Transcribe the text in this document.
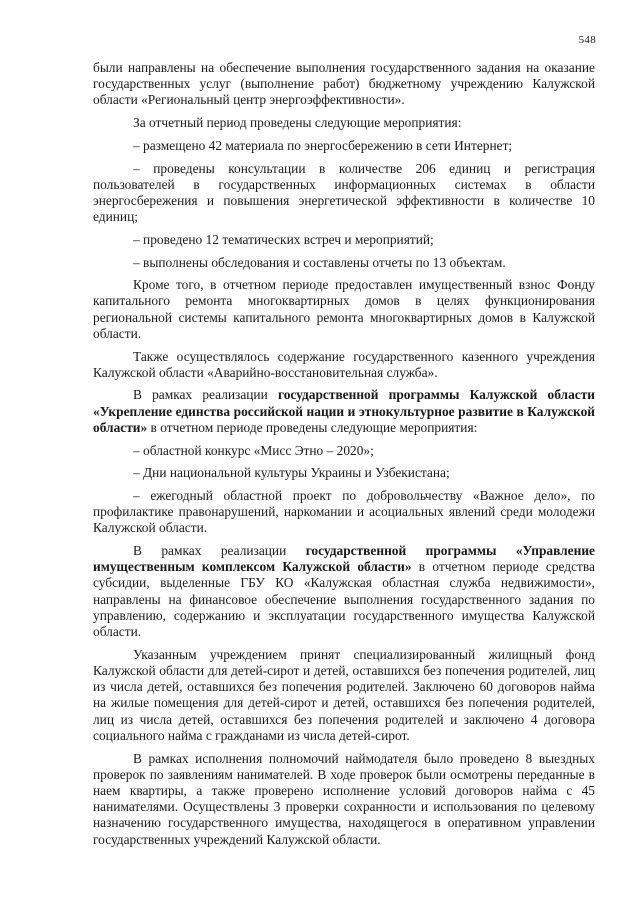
548

были направлены на обеспечение выполнения государственного задания на оказание государственных услуг (выполнение работ) бюджетному учреждению Калужской области «Региональный центр энергоэффективности».

За отчетный период проведены следующие мероприятия:

– размещено 42 материала по энергосбережению в сети Интернет;

– проведены консультации в количестве 206 единиц и регистрация пользователей в государственных информационных системах в области энергосбережения и повышения энергетической эффективности в количестве 10 единиц;

– проведено 12 тематических встреч и мероприятий;

– выполнены обследования и составлены отчеты по 13 объектам.

Кроме того, в отчетном периоде предоставлен имущественный взнос Фонду капитального ремонта многоквартирных домов в целях функционирования региональной системы капитального ремонта многоквартирных домов в Калужской области.

Также осуществлялось содержание государственного казенного учреждения Калужской области «Аварийно-восстановительная служба».

В рамках реализации государственной программы Калужской области «Укрепление единства российской нации и этнокультурное развитие в Калужской области» в отчетном периоде проведены следующие мероприятия:

– областной конкурс «Мисс Этно – 2020»;

– Дни национальной культуры Украины и Узбекистана;

– ежегодный областной проект по добровольчеству «Важное дело», по профилактике правонарушений, наркомании и асоциальных явлений среди молодежи Калужской области.

В рамках реализации государственной программы «Управление имущественным комплексом Калужской области» в отчетном периоде средства субсидии, выделенные ГБУ КО «Калужская областная служба недвижимости», направлены на финансовое обеспечение выполнения государственного задания по управлению, содержанию и эксплуатации государственного имущества Калужской области.

Указанным учреждением принят специализированный жилищный фонд Калужской области для детей-сирот и детей, оставшихся без попечения родителей, лиц из числа детей, оставшихся без попечения родителей. Заключено 60 договоров найма на жилые помещения для детей-сирот и детей, оставшихся без попечения родителей, лиц из числа детей, оставшихся без попечения родителей и заключено 4 договора социального найма с гражданами из числа детей-сирот.

В рамках исполнения полномочий наймодателя было проведено 8 выездных проверок по заявлениям нанимателей. В ходе проверок были осмотрены переданные в наем квартиры, а также проверено исполнение условий договоров найма с 45 нанимателями. Осуществлены 3 проверки сохранности и использования по целевому назначению государственного имущества, находящегося в оперативном управлении государственных учреждений Калужской области.
